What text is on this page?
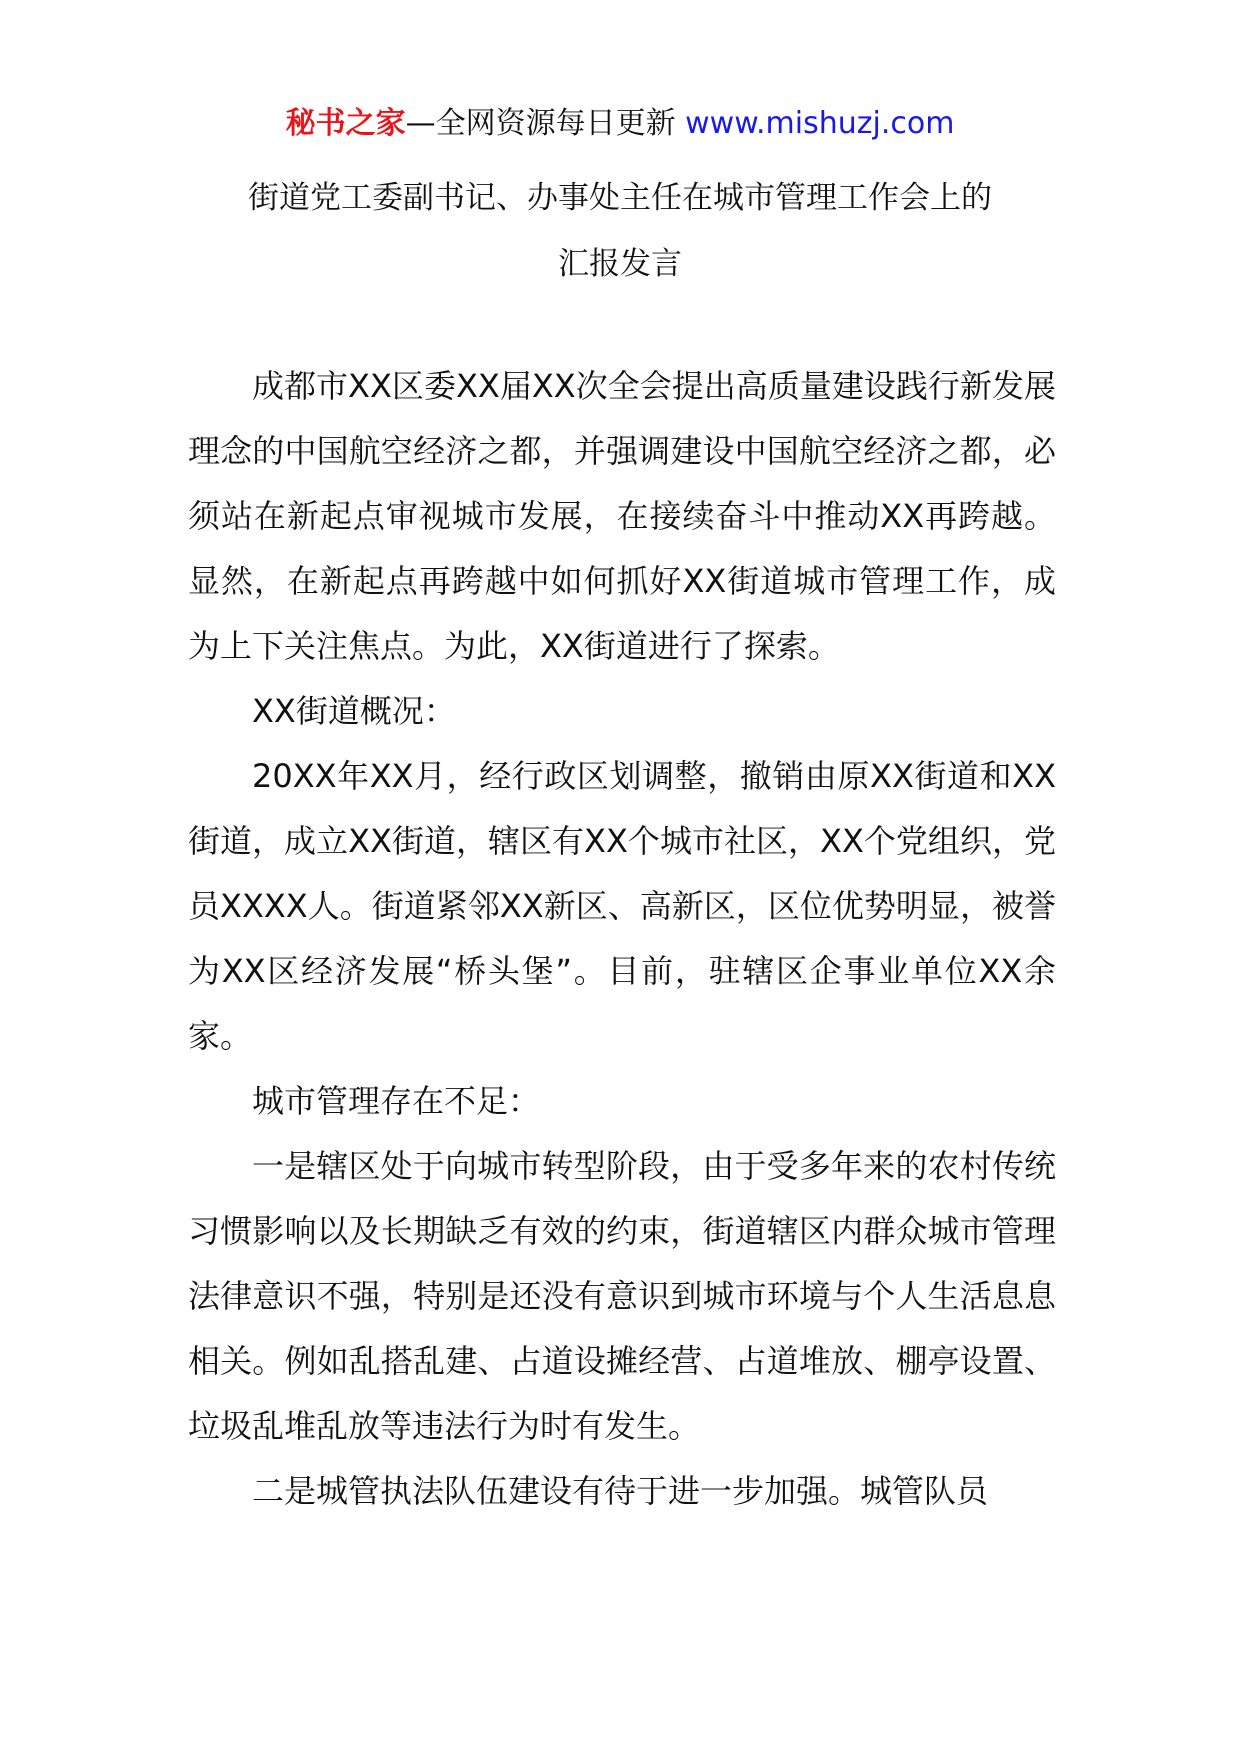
秘书之家—全网资源每日更新 www.mishuzj.com
街道党工委副书记、办事处主任在城市管理工作会上的
汇报发言

成都市XX区委XX届XX次全会提出高质量建设践行新发展理念的中国航空经济之都，并强调建设中国航空经济之都，必须站在新起点审视城市发展，在接续奋斗中推动XX再跨越。显然，在新起点再跨越中如何抓好XX街道城市管理工作，成为上下关注焦点。为此，XX街道进行了探索。

XX街道概况：

20XX年XX月，经行政区划调整，撤销由原XX街道和XX街道，成立XX街道，辖区有XX个城市社区，XX个党组织，党员XXXX人。街道紧邻XX新区、高新区，区位优势明显，被誉为XX区经济发展“桥头堡”。目前，驻辖区企事业单位XX余家。

城市管理存在不足：

一是辖区处于向城市转型阶段，由于受多年来的农村传统习惯影响以及长期缺乏有效的约束，街道辖区内群众城市管理法律意识不强，特别是还没有意识到城市环境与个人生活息息相关。例如乱搭乱建、占道设摊经营、占道堆放、棚亭设置、垃圾乱堆乱放等违法行为时有发生。

二是城管执法队伍建设有待于进一步加强。城管队员
